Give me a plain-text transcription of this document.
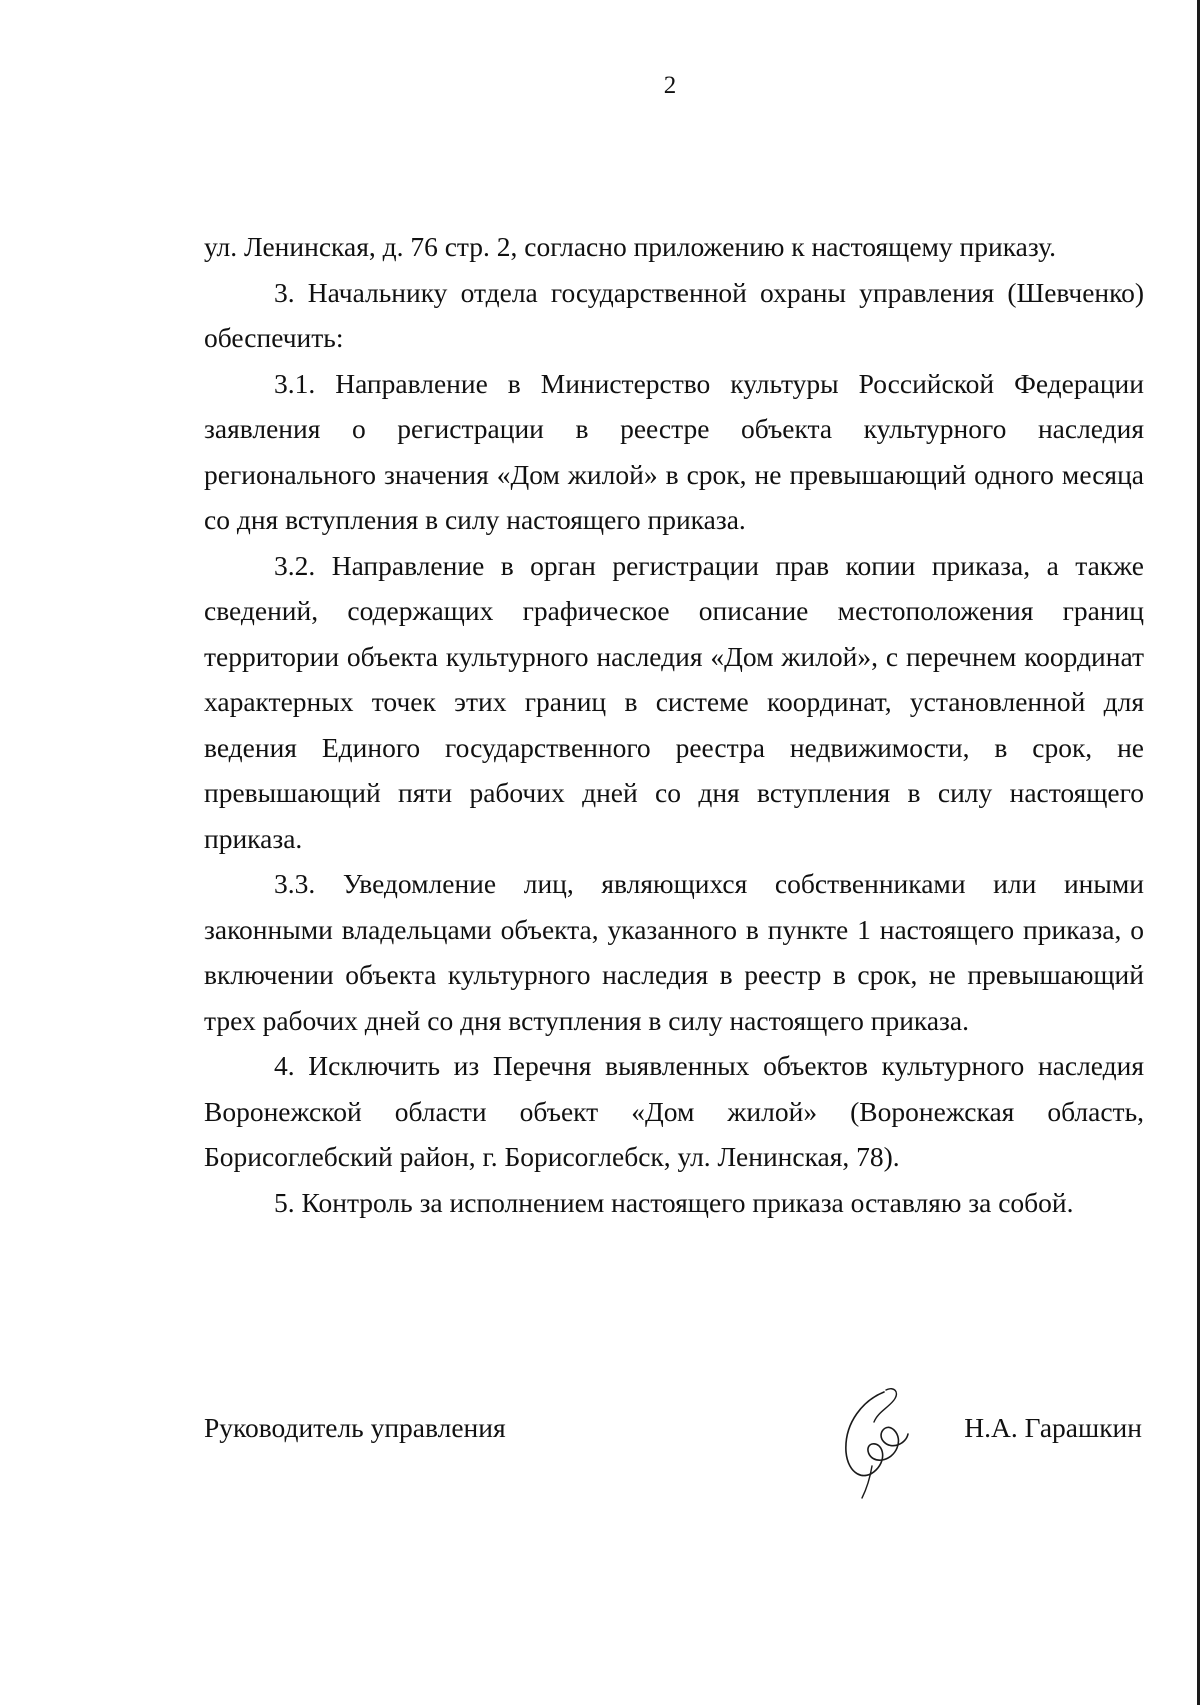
2

ул. Ленинская, д. 76 стр. 2, согласно приложению к настоящему приказу.

3. Начальнику отдела государственной охраны управления (Шевченко) обеспечить:

3.1. Направление в Министерство культуры Российской Федерации заявления о регистрации в реестре объекта культурного наследия регионального значения «Дом жилой» в срок, не превышающий одного месяца со дня вступления в силу настоящего приказа.

3.2. Направление в орган регистрации прав копии приказа, а также сведений, содержащих графическое описание местоположения границ территории объекта культурного наследия «Дом жилой», с перечнем координат характерных точек этих границ в системе координат, установленной для ведения Единого государственного реестра недвижимости, в срок, не превышающий пяти рабочих дней со дня вступления в силу настоящего приказа.

3.3. Уведомление лиц, являющихся собственниками или иными законными владельцами объекта, указанного в пункте 1 настоящего приказа, о включении объекта культурного наследия в реестр в срок, не превышающий трех рабочих дней со дня вступления в силу настоящего приказа.

4. Исключить из Перечня выявленных объектов культурного наследия Воронежской области объект «Дом жилой» (Воронежская область, Борисоглебский район, г. Борисоглебск, ул. Ленинская, 78).

5. Контроль за исполнением настоящего приказа оставляю за собой.

Руководитель управления	Н.А. Гарашкин
